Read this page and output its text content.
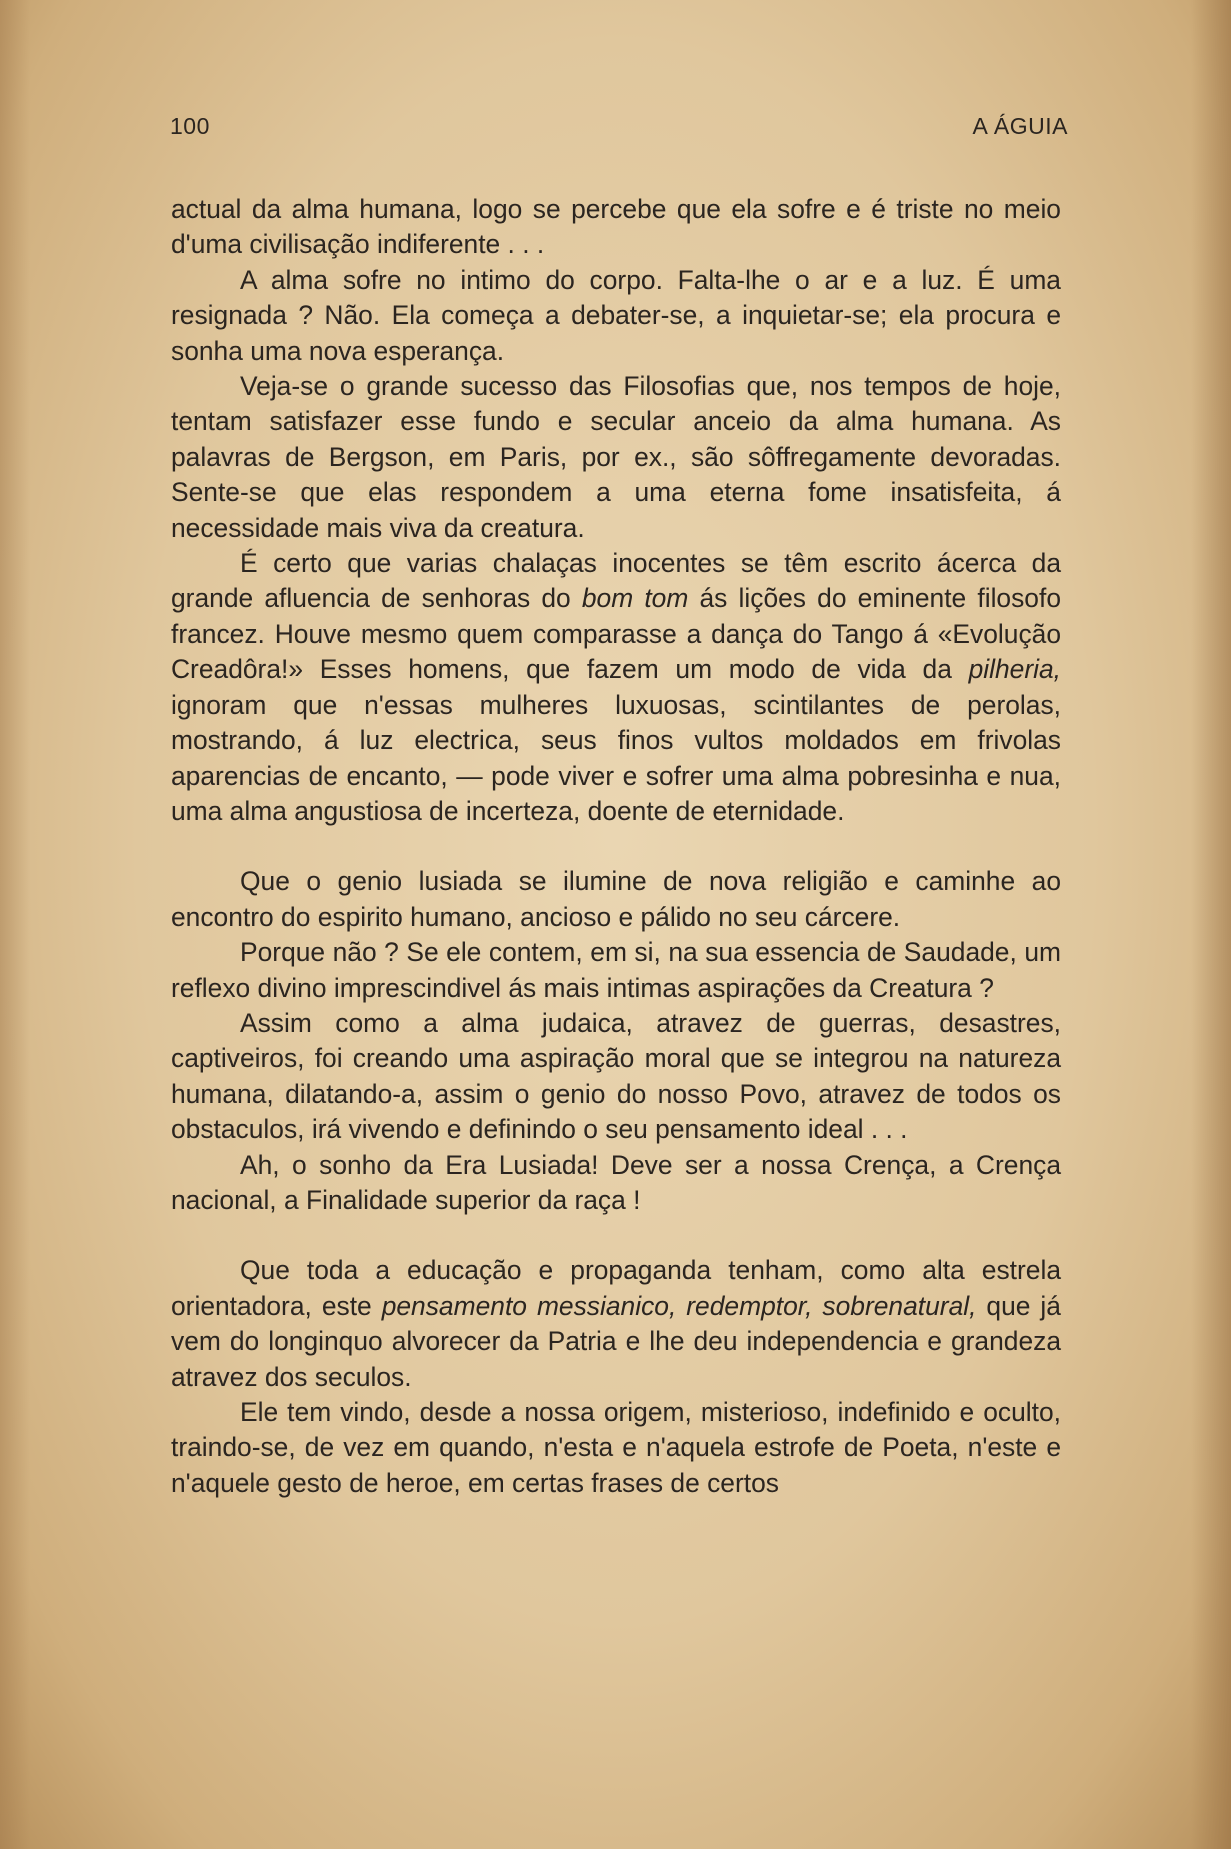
100	A ÁGUIA

actual da alma humana, logo se percebe que ela sofre e é triste no meio d'uma civilisação indiferente . . .

A alma sofre no intimo do corpo. Falta-lhe o ar e a luz. É uma resignada ? Não. Ela começa a debater-se, a inquietar-se; ela procura e sonha uma nova esperança.

Veja-se o grande sucesso das Filosofias que, nos tempos de hoje, tentam satisfazer esse fundo e secular anceio da alma humana. As palavras de Bergson, em Paris, por ex., são sôffregamente devoradas. Sente-se que elas respondem a uma eterna fome insatisfeita, á necessidade mais viva da creatura.

É certo que varias chalaças inocentes se têm escrito ácerca da grande afluencia de senhoras do bom tom ás lições do eminente filosofo francez. Houve mesmo quem comparasse a dança do Tango á «Evolução Creadôra!» Esses homens, que fazem um modo de vida da pilheria, ignoram que n'essas mulheres luxuosas, scintilantes de perolas, mostrando, á luz electrica, seus finos vultos moldados em frivolas aparencias de encanto, — pode viver e sofrer uma alma pobresinha e nua, uma alma angustiosa de incerteza, doente de eternidade.

Que o genio lusiada se ilumine de nova religião e caminhe ao encontro do espirito humano, ancioso e pálido no seu cárcere.

Porque não ? Se ele contem, em si, na sua essencia de Saudade, um reflexo divino imprescindivel ás mais intimas aspirações da Creatura ?

Assim como a alma judaica, atravez de guerras, desastres, captiveiros, foi creando uma aspiração moral que se integrou na natureza humana, dilatando-a, assim o genio do nosso Povo, atravez de todos os obstaculos, irá vivendo e definindo o seu pensamento ideal . . .

Ah, o sonho da Era Lusiada! Deve ser a nossa Crença, a Crença nacional, a Finalidade superior da raça !

Que toda a educação e propaganda tenham, como alta estrela orientadora, este pensamento messianico, redemptor, sobrenatural, que já vem do longinquo alvorecer da Patria e lhe deu independencia e grandeza atravez dos seculos.

Ele tem vindo, desde a nossa origem, misterioso, indefinido e oculto, traindo-se, de vez em quando, n'esta e n'aquela estrofe de Poeta, n'este e n'aquele gesto de heroe, em certas frases de certos
